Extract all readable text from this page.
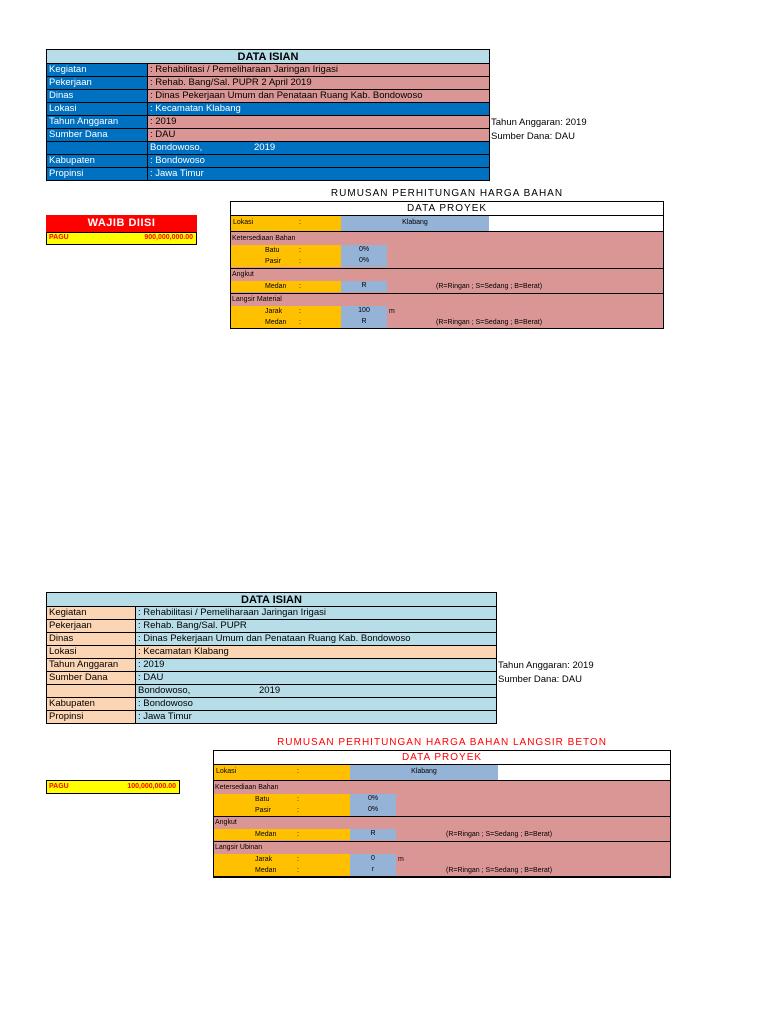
DATA ISIAN
Kegiatan	: Rehabilitasi / Pemeliharaan Jaringan Irigasi
Pekerjaan	: Rehab. Bang/Sal. PUPR 2 April 2019
Dinas	: Dinas Pekerjaan Umum dan Penataan Ruang Kab. Bondowoso
Lokasi	: Kecamatan Klabang
Tahun Anggaran	: 2019
Sumber Dana	: DAU
Bondowoso,	2019
Kabupaten	: Bondowoso
Propinsi	: Jawa Timur
Tahun Anggaran: 2019
Sumber Dana: DAU
WAJIB DIISI
PAGU	900,000,000.00
RUMUSAN PERHITUNGAN HARGA BAHAN
DATA PROYEK
Lokasi	:	Klabang
Ketersediaan Bahan
Batu	:	0%
Pasir	:	0%
Angkut
Medan :	R	(R=Ringan ; S=Sedang ; B=Berat)
Langsir Material
Jarak :	100	m
Medan :	R	(R=Ringan ; S=Sedang ; B=Berat)
DATA ISIAN
Kegiatan	: Rehabilitasi / Pemeliharaan Jaringan Irigasi
Pekerjaan	: Rehab. Bang/Sal. PUPR
Dinas	: Dinas Pekerjaan Umum dan Penataan Ruang Kab. Bondowoso
Lokasi	: Kecamatan Klabang
Tahun Anggaran	: 2019
Sumber Dana	: DAU
Bondowoso,	2019
Kabupaten	: Bondowoso
Propinsi	: Jawa Timur
Tahun Anggaran: 2019
Sumber Dana: DAU
PAGU	100,000,000.00
RUMUSAN PERHITUNGAN HARGA BAHAN LANGSIR BETON
DATA PROYEK
Lokasi	:	Klabang
Ketersediaan Bahan
Batu	:	0%
Pasir	:	0%
Angkut
Medan	:	R	(R=Ringan ; S=Sedang ; B=Berat)
Langsir Ubinan
Jarak	:	0	m
Medan	:	r	(R=Ringan ; S=Sedang ; B=Berat)
